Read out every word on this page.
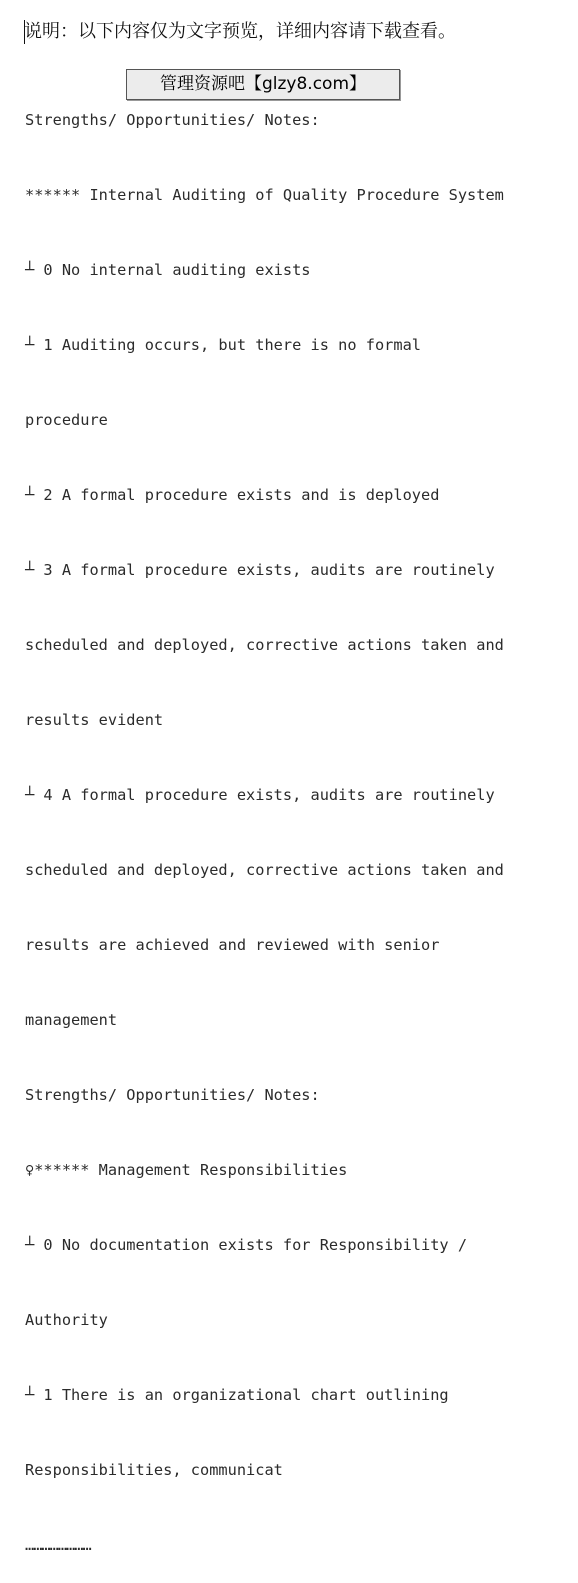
说明：以下内容仅为文字预览，详细内容请下载查看。
管理资源吧【glzy8.com】

Strengths/ Opportunities/ Notes:

****** Internal Auditing of Quality Procedure System

┴ 0 No internal auditing exists

┴ 1 Auditing occurs, but there is no formal

procedure

┴ 2 A formal procedure exists and is deployed

┴ 3 A formal procedure exists, audits are routinely

scheduled and deployed, corrective actions taken and

results evident

┴ 4 A formal procedure exists, audits are routinely

scheduled and deployed, corrective actions taken and

results are achieved and reviewed with senior

management

Strengths/ Opportunities/ Notes:

♀****** Management Responsibilities

┴ 0 No documentation exists for Responsibility /

Authority

┴ 1 There is an organizational chart outlining

Responsibilities, communicat

……………………
